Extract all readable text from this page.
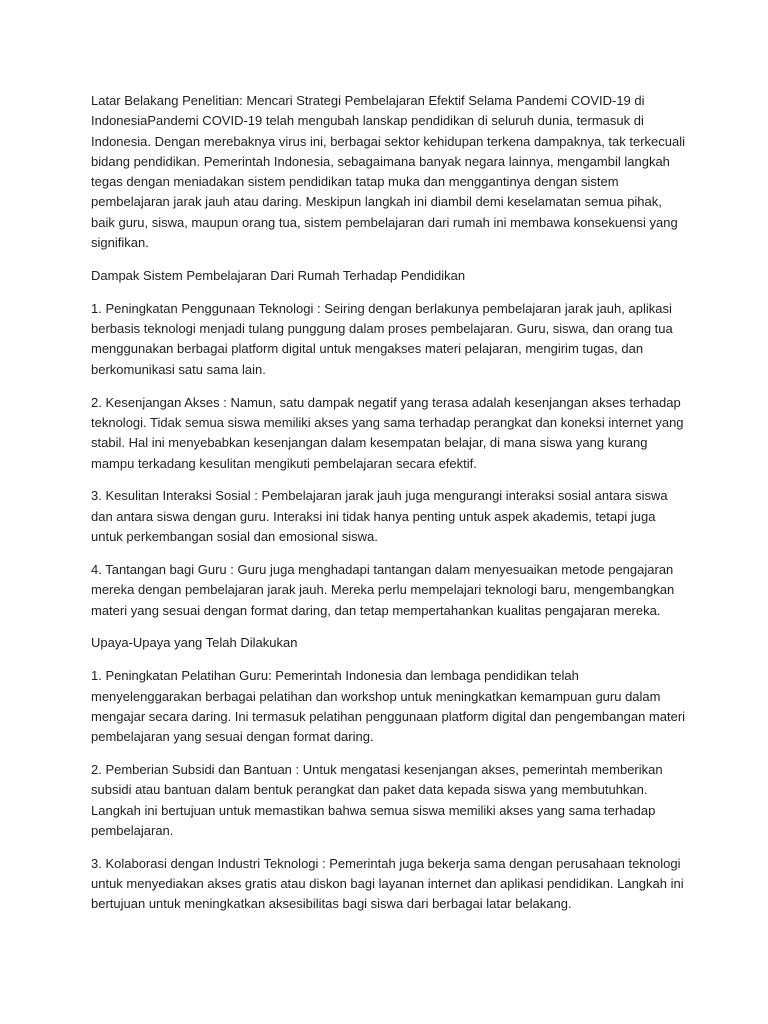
Latar Belakang Penelitian: Mencari Strategi Pembelajaran Efektif Selama Pandemi COVID-19 di IndonesiaPandemi COVID-19 telah mengubah lanskap pendidikan di seluruh dunia, termasuk di Indonesia. Dengan merebaknya virus ini, berbagai sektor kehidupan terkena dampaknya, tak terkecuali bidang pendidikan. Pemerintah Indonesia, sebagaimana banyak negara lainnya, mengambil langkah tegas dengan meniadakan sistem pendidikan tatap muka dan menggantinya dengan sistem pembelajaran jarak jauh atau daring. Meskipun langkah ini diambil demi keselamatan semua pihak, baik guru, siswa, maupun orang tua, sistem pembelajaran dari rumah ini membawa konsekuensi yang signifikan.

Dampak Sistem Pembelajaran Dari Rumah Terhadap Pendidikan

1. Peningkatan Penggunaan Teknologi : Seiring dengan berlakunya pembelajaran jarak jauh, aplikasi berbasis teknologi menjadi tulang punggung dalam proses pembelajaran. Guru, siswa, dan orang tua menggunakan berbagai platform digital untuk mengakses materi pelajaran, mengirim tugas, dan berkomunikasi satu sama lain.

2. Kesenjangan Akses : Namun, satu dampak negatif yang terasa adalah kesenjangan akses terhadap teknologi. Tidak semua siswa memiliki akses yang sama terhadap perangkat dan koneksi internet yang stabil. Hal ini menyebabkan kesenjangan dalam kesempatan belajar, di mana siswa yang kurang mampu terkadang kesulitan mengikuti pembelajaran secara efektif.

3. Kesulitan Interaksi Sosial : Pembelajaran jarak jauh juga mengurangi interaksi sosial antara siswa dan antara siswa dengan guru. Interaksi ini tidak hanya penting untuk aspek akademis, tetapi juga untuk perkembangan sosial dan emosional siswa.

4. Tantangan bagi Guru : Guru juga menghadapi tantangan dalam menyesuaikan metode pengajaran mereka dengan pembelajaran jarak jauh. Mereka perlu mempelajari teknologi baru, mengembangkan materi yang sesuai dengan format daring, dan tetap mempertahankan kualitas pengajaran mereka.

Upaya-Upaya yang Telah Dilakukan

1. Peningkatan Pelatihan Guru: Pemerintah Indonesia dan lembaga pendidikan telah menyelenggarakan berbagai pelatihan dan workshop untuk meningkatkan kemampuan guru dalam mengajar secara daring. Ini termasuk pelatihan penggunaan platform digital dan pengembangan materi pembelajaran yang sesuai dengan format daring.

2. Pemberian Subsidi dan Bantuan : Untuk mengatasi kesenjangan akses, pemerintah memberikan subsidi atau bantuan dalam bentuk perangkat dan paket data kepada siswa yang membutuhkan. Langkah ini bertujuan untuk memastikan bahwa semua siswa memiliki akses yang sama terhadap pembelajaran.

3. Kolaborasi dengan Industri Teknologi : Pemerintah juga bekerja sama dengan perusahaan teknologi untuk menyediakan akses gratis atau diskon bagi layanan internet dan aplikasi pendidikan. Langkah ini bertujuan untuk meningkatkan aksesibilitas bagi siswa dari berbagai latar belakang.
